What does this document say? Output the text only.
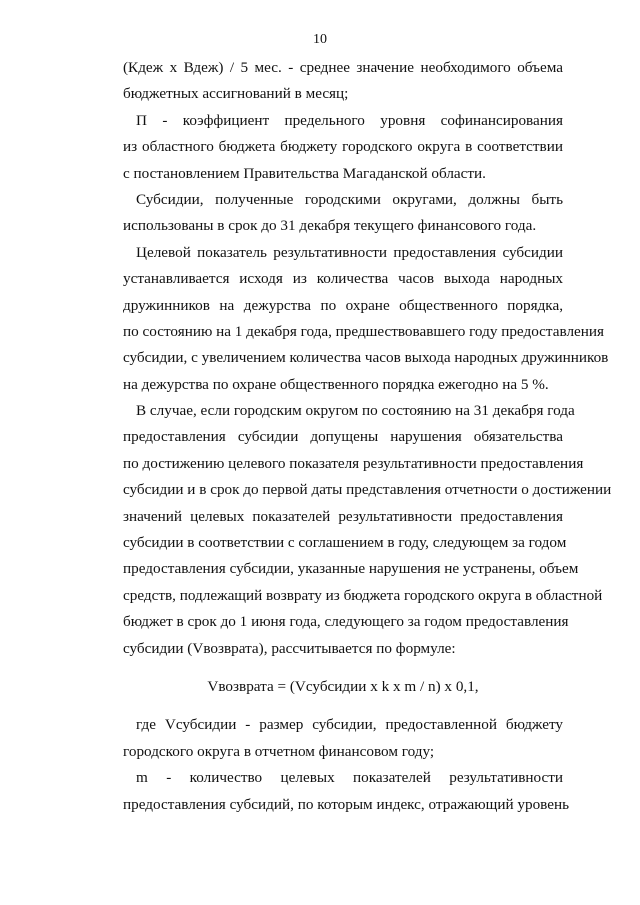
10
(Кдеж х Вдеж) / 5 мес. - среднее значение необходимого объема
бюджетных ассигнований в месяц;
П - коэффициент предельного уровня софинансирования
из областного бюджета бюджету городского округа в соответствии
с постановлением Правительства Магаданской области.
Субсидии, полученные городскими округами, должны быть
использованы в срок до 31 декабря текущего финансового года.
Целевой показатель результативности предоставления субсидии
устанавливается исходя из количества часов выхода народных
дружинников на дежурства по охране общественного порядка,
по состоянию на 1 декабря года, предшествовавшего году предоставления
субсидии, с увеличением количества часов выхода народных дружинников
на дежурства по охране общественного порядка ежегодно на 5 %.
В случае, если городским округом по состоянию на 31 декабря года
предоставления субсидии допущены нарушения обязательства
по достижению целевого показателя результативности предоставления
субсидии и в срок до первой даты представления отчетности о достижении
значений целевых показателей результативности предоставления
субсидии в соответствии с соглашением в году, следующем за годом
предоставления субсидии, указанные нарушения не устранены, объем
средств, подлежащий возврату из бюджета городского округа в областной
бюджет в срок до 1 июня года, следующего за годом предоставления
субсидии (Vвозврата), рассчитывается по формуле:
Vвозврата = (Vсубсидии x k x m / n) x 0,1,
где Vсубсидии - размер субсидии, предоставленной бюджету
городского округа в отчетном финансовом году;
m - количество целевых показателей результативности
предоставления субсидий, по которым индекс, отражающий уровень
